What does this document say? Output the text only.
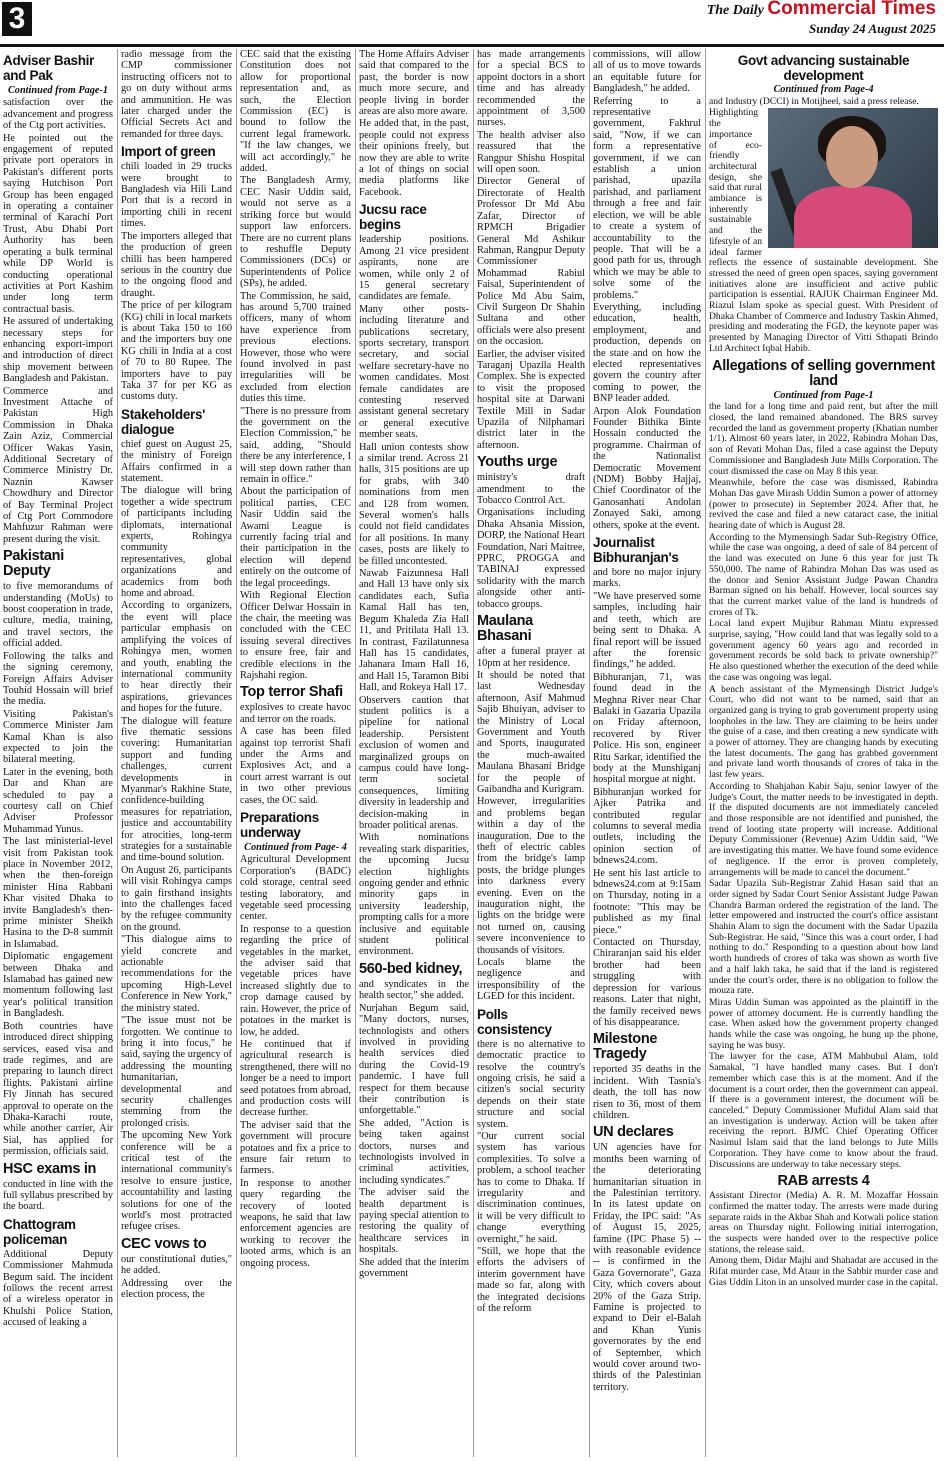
3	The Daily Commercial Times
Sunday 24 August 2025
Adviser Bashir and Pak
Continued from Page-1

satisfaction over the advancement and progress of the Ctg port activities.

He pointed out the engagement of reputed private port operators in Pakistan's different ports saying Hutchison Port Group has been engaged in operating a container terminal of Karachi Port Trust, Abu Dhabi Port Authority has been operating a bulk terminal while DP World is conducting operational activities at Port Kashim under long term contractual basis.

He assured of undertaking necessary steps for enhancing export-import and introduction of direct ship movement between Bangladesh and Pakistan.

Commerce and Investment Attache of Pakistan High Commission in Dhaka Zain Aziz, Commercial Officer Wakas Yasin, Additional Secretary of Commerce Ministry Dr. Naznin Kawser Chowdhury and Director of Bay Terminal Project of Ctg Port Commodore Mahfuzur Rahman were present during the visit.

Pakistani Deputy

to five memorandums of understanding (MoUs) to boost cooperation in trade, culture, media, training, and travel sectors, the official added.

Following the talks and the signing ceremony, Foreign Affairs Adviser Touhid Hossain will brief the media.

Visiting Pakistan's Commerce Minister Jam Kamal Khan is also expected to join the bilateral meeting.

Later in the evening, both Dar and Khan are scheduled to pay a courtesy call on Chief Adviser Professor Muhammad Yunus.

The last ministerial-level visit from Pakistan took place in November 2012, when the then-foreign minister Hina Rabbani Khar visited Dhaka to invite Bangladesh's then-prime minister Sheikh Hasina to the D-8 summit in Islamabad.

Diplomatic engagement between Dhaka and Islamabad has gained new momentum following last year's political transition in Bangladesh.

Both countries have introduced direct shipping services, eased visa and trade regimes, and are preparing to launch direct flights. Pakistani airline Fly Jinnah has secured approval to operate on the Dhaka-Karachi route, while another carrier, Air Sial, has applied for permission, officials said.

HSC exams in

conducted in line with the full syllabus prescribed by the board.

Chattogram policeman

Additional Deputy Commissioner Mahmuda Begum said. The incident follows the recent arrest of a wireless operator in Khulshi Police Station, accused of leaking a

radio message from the CMP commissioner instructing officers not to go on duty without arms and ammunition. He was later charged under the Official Secrets Act and remanded for three days.

Import of green

chili loaded in 29 trucks were brought to Bangladesh via Hili Land Port that is a record in importing chili in recent times.

The importers alleged that the production of green chilli has been hampered serious in the country due to the ongoing flood and draught.

The price of per kilogram (KG) chili in local markets is about Taka 150 to 160 and the importers buy one KG chili in India at a cost of 70 to 80 Rupee. The importers have to pay Taka 37 for per KG as customs duty.

Stakeholders' dialogue

chief guest on August 25, the ministry of Foreign Affairs confirmed in a statement.

The dialogue will bring together a wide spectrum of participants including diplomats, international experts, Rohingya community representatives, global organizations and academics from both home and abroad.

According to organizers, the event will place particular emphasis on amplifying the voices of Rohingya men, women and youth, enabling the international community to hear directly their aspirations, grievances and hopes for the future.

The dialogue will feature five thematic sessions covering: Humanitarian support and funding challenges, current developments in Myanmar's Rakhine State, confidence-building measures for repatriation, justice and accountability for atrocities, long-term strategies for a sustainable and time-bound solution.

On August 26, participants will visit Rohingya camps to gain firsthand insights into the challenges faced by the refugee community on the ground.

"This dialogue aims to yield concrete and actionable recommendations for the upcoming High-Level Conference in New York," the ministry stated.

"The issue must not be forgotten. We continue to bring it into focus," he said, saying the urgency of addressing the mounting humanitarian, developmental and security challenges stemming from the prolonged crisis.

The upcoming New York conference will be a critical test of the international community's resolve to ensure justice, accountability and lasting solutions for one of the world's most protracted refugee crises.

CEC vows to

our constitutional duties," he added.

Addressing over the election process, the

CEC said that the existing Constitution does not allow for proportional representation and, as such, the Election Commission (EC) is bound to follow the current legal framework. "If the law changes, we will act accordingly," he added.

The Bangladesh Army, CEC Nasir Uddin said, would not serve as a striking force but would support law enforcers. There are no current plans to reshuffle Deputy Commissioners (DCs) or Superintendents of Police (SPs), he added.

The Commission, he said, has around 5,700 trained officers, many of whom have experience from previous elections. However, those who were found involved in past irregularities will be excluded from election duties this time.

"There is no pressure from the government on the Election Commission," he said, adding, "Should there be any interference, I will step down rather than remain in office."

About the participation of political parties, CEC Nasir Uddin said the Awami League is currently facing trial and their participation in the election will depend entirely on the outcome of the legal proceedings.

With Regional Election Officer Delwar Hossain in the chair, the meeting was concluded with the CEC issuing several directives to ensure free, fair and credible elections in the Rajshahi region.

Top terror Shafi

explosives to create havoc and terror on the roads.

A case has been filed against top terrorist Shafi under the Arms and Explosives Act, and a court arrest warrant is out in two other previous cases, the OC said.

Preparations underway
Continued from Page- 4

Agricultural Development Corporation's (BADC) cold storage, central seed testing laboratory, and vegetable seed processing center.

In response to a question regarding the price of vegetables in the market, the adviser said that vegetable prices have increased slightly due to crop damage caused by rain. However, the price of potatoes in the market is low, he added.

He continued that if agricultural research is strengthened, there will no longer be a need to import seed potatoes from abroad, and production costs will decrease further.

The adviser said that the government will procure potatoes and fix a price to ensure fair return to farmers.

In response to another query regarding the recovery of looted weapons, he said that law enforcement agencies are working to recover the looted arms, which is an ongoing process.

The Home Affairs Adviser said that compared to the past, the border is now much more secure, and people living in border areas are also more aware.

He added that, in the past, people could not express their opinions freely, but now they are able to write a lot of things on social media platforms like Facebook.

Jucsu race begins

leadership positions. Among 21 vice president aspirants, none are women, while only 2 of 15 general secretary candidates are female.

Many other posts-including literature and publications secretary, sports secretary, transport secretary, and social welfare secretary-have no women candidates. Most female candidates are contesting reserved assistant general secretary or general executive member seats.

Hall union contests show a similar trend. Across 21 halls, 315 positions are up for grabs, with 340 nominations from men and 128 from women. Several women's halls could not field candidates for all positions. In many cases, posts are likely to be filled uncontested.

Nawab Faizunnesa Hall and Hall 13 have only six candidates each, Sufia Kamal Hall has ten, Begum Khaleda Zia Hall 11, and Pritilata Hall 13. In contrast, Fazilatunnesa Hall has 15 candidates, Jahanara Imam Hall 16, and Hall 15, Taramon Bibi Hall, and Rokeya Hall 17.

Observers caution that student politics is a pipeline for national leadership. Persistent exclusion of women and marginalized groups on campus could have long-term societal consequences, limiting diversity in leadership and decision-making in broader political arenas.

With nominations revealing stark disparities, the upcoming Jucsu election highlights ongoing gender and ethnic minority gaps in university leadership, prompting calls for a more inclusive and equitable student political environment.

560-bed kidney,

and syndicates in the health sector," she added.

Nurjahan Begum said, "Many doctors, nurses, technologists and others involved in providing health services died during the Covid-19 pandemic. I have full respect for them because their contribution is unforgettable."

She added, "Action is being taken against doctors, nurses and technologists involved in criminal activities, including syndicates."

The adviser said the health department is paying special attention to restoring the quality of healthcare services in hospitals.

She added that the interim government

has made arrangements for a special BCS to appoint doctors in a short time and has already recommended the appointment of 3,500 nurses.

The health adviser also reassured that the Rangpur Shishu Hospital will open soon.

Director General of Directorate of Health Professor Dr Md Abu Zafar, Director of RPMCH Brigadier General Md Ashikur Rahman, Rangpur Deputy Commissioner Mohammad Rabiul Faisal, Superintendent of Police Md Abu Saim, Civil Surgeon Dr Shahin Sultana and other officials were also present on the occasion.

Earlier, the adviser visited Taraganj Upazila Health Complex. She is expected to visit the proposed hospital site at Darwani Textile Mill in Sadar Upazila of Nilphamari district later in the afternoon.

Youths urge

ministry's draft amendment to the Tobacco Control Act.

Organisations including Dhaka Ahsania Mission, DORP, the National Heart Foundation, Nari Maitree, PPRC, PROGGA and TABINAJ expressed solidarity with the march alongside other anti-tobacco groups.

Maulana Bhasani

after a funeral prayer at 10pm at her residence.

It should be noted that last Wednesday afternoon, Asif Mahmud Sajib Bhuiyan, adviser to the Ministry of Local Government and Youth and Sports, inaugurated the much-awaited Maulana Bhasani Bridge for the people of Gaibandha and Kurigram.

However, irregularities and problems began within a day of the inauguration. Due to the theft of electric cables from the bridge's lamp posts, the bridge plunges into darkness every evening. Even on the inauguration night, the lights on the bridge were not turned on, causing severe inconvenience to thousands of visitors.

Locals blame the negligence and irresponsibility of the LGED for this incident.

Polls consistency

there is no alternative to democratic practice to resolve the country's ongoing crisis, he said a citizen's social security depends on their state structure and social system.

"Our current social system has various complexities. To solve a problem, a school teacher has to come to Dhaka. If irregularity and discrimination continues, it will be very difficult to change everything overnight," he said.

"Still, we hope that the efforts the advisers of interim government have made so far, along with the integrated decisions of the reform

commissions, will allow all of us to move towards an equitable future for Bangladesh," he added.

Referring to a representative government, Fakhrul said, "Now, if we can form a representative government, if we can establish a union parishad, upazila parishad, and parliament through a free and fair election, we will be able to create a system of accountability to the people. That will be a good path for us, through which we may be able to solve some of the problems."

Everything, including education, health, employment, and production, depends on the state and on how the elected representatives govern the country after coming to power, the BNP leader added.

Arpon Alok Foundation Founder Bithika Binte Hossain conducted the programme. Chairman of the Nationalist Democratic Movement (NDM) Bobby Hajjaj, Chief Coordinator of the Ganosanhati Andolan Zonayed Saki, among others, spoke at the event.

Journalist Bibhuranjan's

and bore no major injury marks.

"We have preserved some samples, including hair and teeth, which are being sent to Dhaka. A final report will be issued after the forensic findings," he added.

Bibhuranjan, 71, was found dead in the Meghna River near Char Balaki in Gazaria Upazila on Friday afternoon, recovered by River Police. His son, engineer Ritu Sarkar, identified the body at the Munshiganj hospital morgue at night.

Bibhuranjan worked for Ajker Patrika and contributed regular columns to several media outlets, including the opinion section of bdnews24.com.

He sent his last article to bdnews24.com at 9:15am on Thursday, noting in a footnote: "This may be published as my final piece."

Contacted on Thursday, Chiraranjan said his elder brother had been struggling with depression for various reasons. Later that night, the family received news of his disappearance.

Milestone Tragedy

reported 35 deaths in the incident. With Tasnia's death, the toll has now risen to 36, most of them children.

UN declares

UN agencies have for months been warning of the deteriorating humanitarian situation in the Palestinian territory. In its latest update on Friday, the IPC said: "As of August 15, 2025, famine (IPC Phase 5) -- with reasonable evidence -- is confirmed in the Gaza Governorate", Gaza City, which covers about 20% of the Gaza Strip. Famine is projected to expand to Deir el-Balah and Khan Yunis governorates by the end of September, which would cover around two-thirds of the Palestinian territory.

Govt advancing sustainable development
Continued from Page-4

and Industry (DCCI) in Motijheel, said a press release.

Highlighting the importance of eco-friendly architectural design, she said that rural ambiance is inherently sustainable and the lifestyle of an ideal farmer reflects the essence of sustainable development. She stressed the need of green open spaces, saying government initiatives alone are insufficient and active public participation is essential. RAJUK Chairman Engineer Md. Riazul Islam spoke as special guest. With President of Dhaka Chamber of Commerce and Industry Taskin Ahmed, presiding and moderating the FGD, the keynote paper was presented by Managing Director of Vitti Sthapati Brindo Ltd Architect Iqbal Habib.

Allegations of selling government land
Continued from Page-1

the land for a long time and paid rent, but after the mill closed, the land remained abandoned. The BRS survey recorded the land as government property (Khatian number 1/1). Almost 60 years later, in 2022, Rabindra Mohan Das, son of Revati Mohan Das, filed a case against the Deputy Commissioner and Bangladesh Jute Mills Corporation. The court dismissed the case on May 8 this year.

Meanwhile, before the case was dismissed, Rabindra Mohan Das gave Mirash Uddin Sumon a power of attorney (power to prosecute) in September 2024. After that, he revived the case and filed a new cataract case, the initial hearing date of which is August 28.

According to the Mymensingh Sadar Sub-Registry Office, while the case was ongoing, a deed of sale of 84 percent of the land was executed on June 6 this year for just Tk 550,000. The name of Rabindra Mohan Das was used as the donor and Senior Assistant Judge Pawan Chandra Barman signed on his behalf. However, local sources say that the current market value of the land is hundreds of crores of Tk.

Local land expert Mujibur Rahman Mintu expressed surprise, saying, "How could land that was legally sold to a government agency 60 years ago and recorded in government records be sold back to private ownership?" He also questioned whether the execution of the deed while the case was ongoing was legal.

A bench assistant of the Mymensingh District Judge's Court, who did not want to be named, said that an organized gang is trying to grab government property using loopholes in the law. They are claiming to be heirs under the guise of a case, and then creating a new syndicate with a power of attorney. They are changing hands by executing the latest documents. The gang has grabbed government and private land worth thousands of crores of taka in the last few years.

According to Shahjahan Kabir Saju, senior lawyer of the Judge's Court, the matter needs to be investigated in depth. If the disputed documents are not immediately canceled and those responsible are not identified and punished, the trend of looting state property will increase. Additional Deputy Commissioner (Revenue) Azim Uddin said, "We are investigating this matter. We have found some evidence of negligence. If the error is proven completely, arrangements will be made to cancel the document."

Sadar Upazila Sub-Registrar Zahid Hasan said that an order signed by Sadar Court Senior Assistant Judge Pawan Chandra Barman ordered the registration of the land. The letter empowered and instructed the court's office assistant Shahin Alam to sign the document with the Sadar Upazila Sub-Registrar. He said, "Since this was a court order, I had nothing to do." Responding to a question about how land worth hundreds of crores of taka was shown as worth five and a half lakh taka, he said that if the land is registered under the court's order, there is no obligation to follow the mouza rate.

Miras Uddin Suman was appointed as the plaintiff in the power of attorney document. He is currently handling the case. When asked how the government property changed hands while the case was ongoing, he hung up the phone, saying he was busy.

The lawyer for the case, ATM Mahbubul Alam, told Samakal, "I have handled many cases. But I don't remember which case this is at the moment. And if the document is a court order, then the government can appeal. If there is a government interest, the document will be canceled." Deputy Commissioner Mufidul Alam said that an investigation is underway. Action will be taken after receiving the report. BJMC Chief Operating Officer Nasimul Islam said that the land belongs to Jute Mills Corporation. They have come to know about the fraud. Discussions are underway to take necessary steps.

RAB arrests 4

Assistant Director (Media) A. R. M. Mozaffar Hossain confirmed the matter today. The arrests were made during separate raids in the Akbar Shah and Kotwali police station areas on Thursday night. Following initial interrogation, the suspects were handed over to the respective police stations, the release said.

Among them, Didar Majhi and Shahadat are accused in the Rifat murder case, Md Ataur in the Sabbir murder case and Gias Uddin Liton in an unsolved murder case in the capital.
